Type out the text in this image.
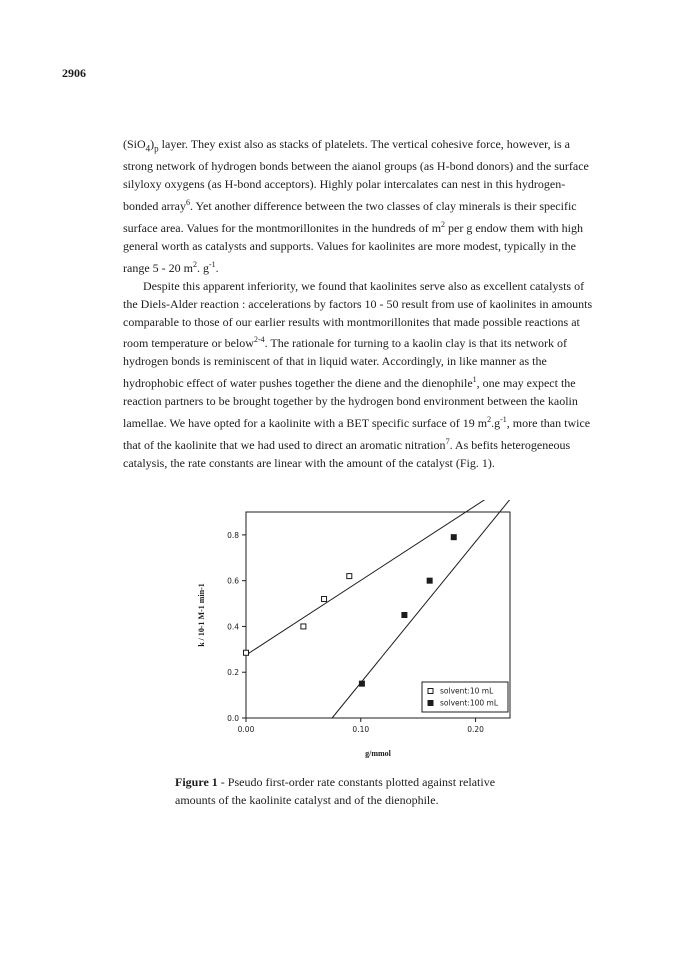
2906

$(SiO_4)_p$ layer. They exist also as stacks of platelets. The vertical cohesive force, however, is a strong network of hydrogen bonds between the aianol groups (as H-bond donors) and the surface silyloxy oxygens (as H-bond acceptors). Highly polar intercalates can nest in this hydrogen-bonded array$^6$. Yet another difference between the two classes of clay minerals is their specific surface area. Values for the montmorillonites in the hundreds of $m^2$ per g endow them with high general worth as catalysts and supports. Values for kaolinites are more modest, typically in the range 5 - 20 $m^2$. $g^{-1}$.

Despite this apparent inferiority, we found that kaolinites serve also as excellent catalysts of the Diels-Alder reaction : accelerations by factors 10 - 50 result from use of kaolinites in amounts comparable to those of our earlier results with montmorillonites that made possible reactions at room temperature or below$^{2-4}$. The rationale for turning to a kaolin clay is that its network of hydrogen bonds is reminiscent of that in liquid water. Accordingly, in like manner as the hydrophobic effect of water pushes together the diene and the dienophile$^1$, one may expect the reaction partners to be brought together by the hydrogen bond environment between the kaolin lamellae. We have opted for a kaolinite with a BET specific surface of 19 $m^2.g^{-1}$, more than twice that of the kaolinite that we had used to direct an aromatic nitration$^7$. As befits heterogeneous catalysis, the rate constants are linear with the amount of the catalyst (Fig. 1).

0.0
0.2
0.4
0.6
0.8
0.00	0.10	0.20
g/mmol
k / 10-1 M-1 min-1
solvent:10 mL
solvent:100 mL
Figure 1 - Pseudo first-order rate constants plotted against relative amounts of the kaolinite catalyst and of the dienophile.
